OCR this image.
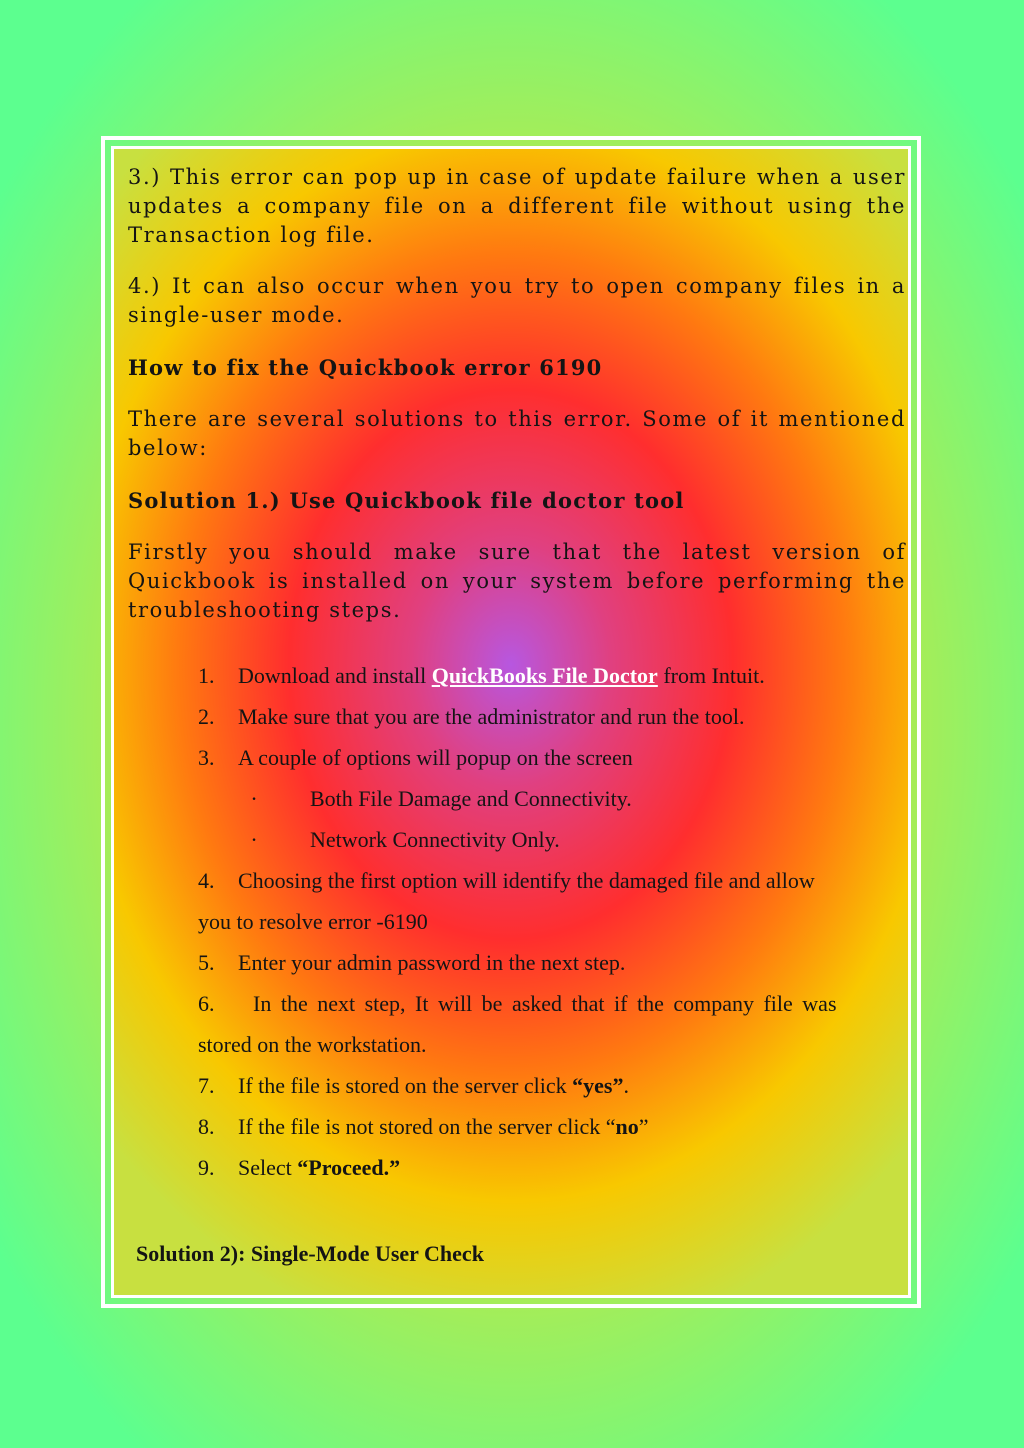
3.) This error can pop up in case of update failure when a user updates a company file on a different file without using the Transaction log file.

4.) It can also occur when you try to open company files in a single-user mode.

How to fix the Quickbook error 6190

There are several solutions to this error. Some of it mentioned below:

Solution 1.) Use Quickbook file doctor tool

Firstly you should make sure that the latest version of Quickbook is installed on your system before performing the troubleshooting steps.

1. Download and install QuickBooks File Doctor from Intuit.
2. Make sure that you are the administrator and run the tool.
3. A couple of options will popup on the screen
· Both File Damage and Connectivity.
· Network Connectivity Only.
4. Choosing the first option will identify the damaged file and allow
you to resolve error -6190
5. Enter your admin password in the next step.
6. In the next step, It will be asked that if the company file was
stored on the workstation.
7. If the file is stored on the server click “yes”.
8. If the file is not stored on the server click “no”
9. Select “Proceed.”
Solution 2): Single-Mode User Check
